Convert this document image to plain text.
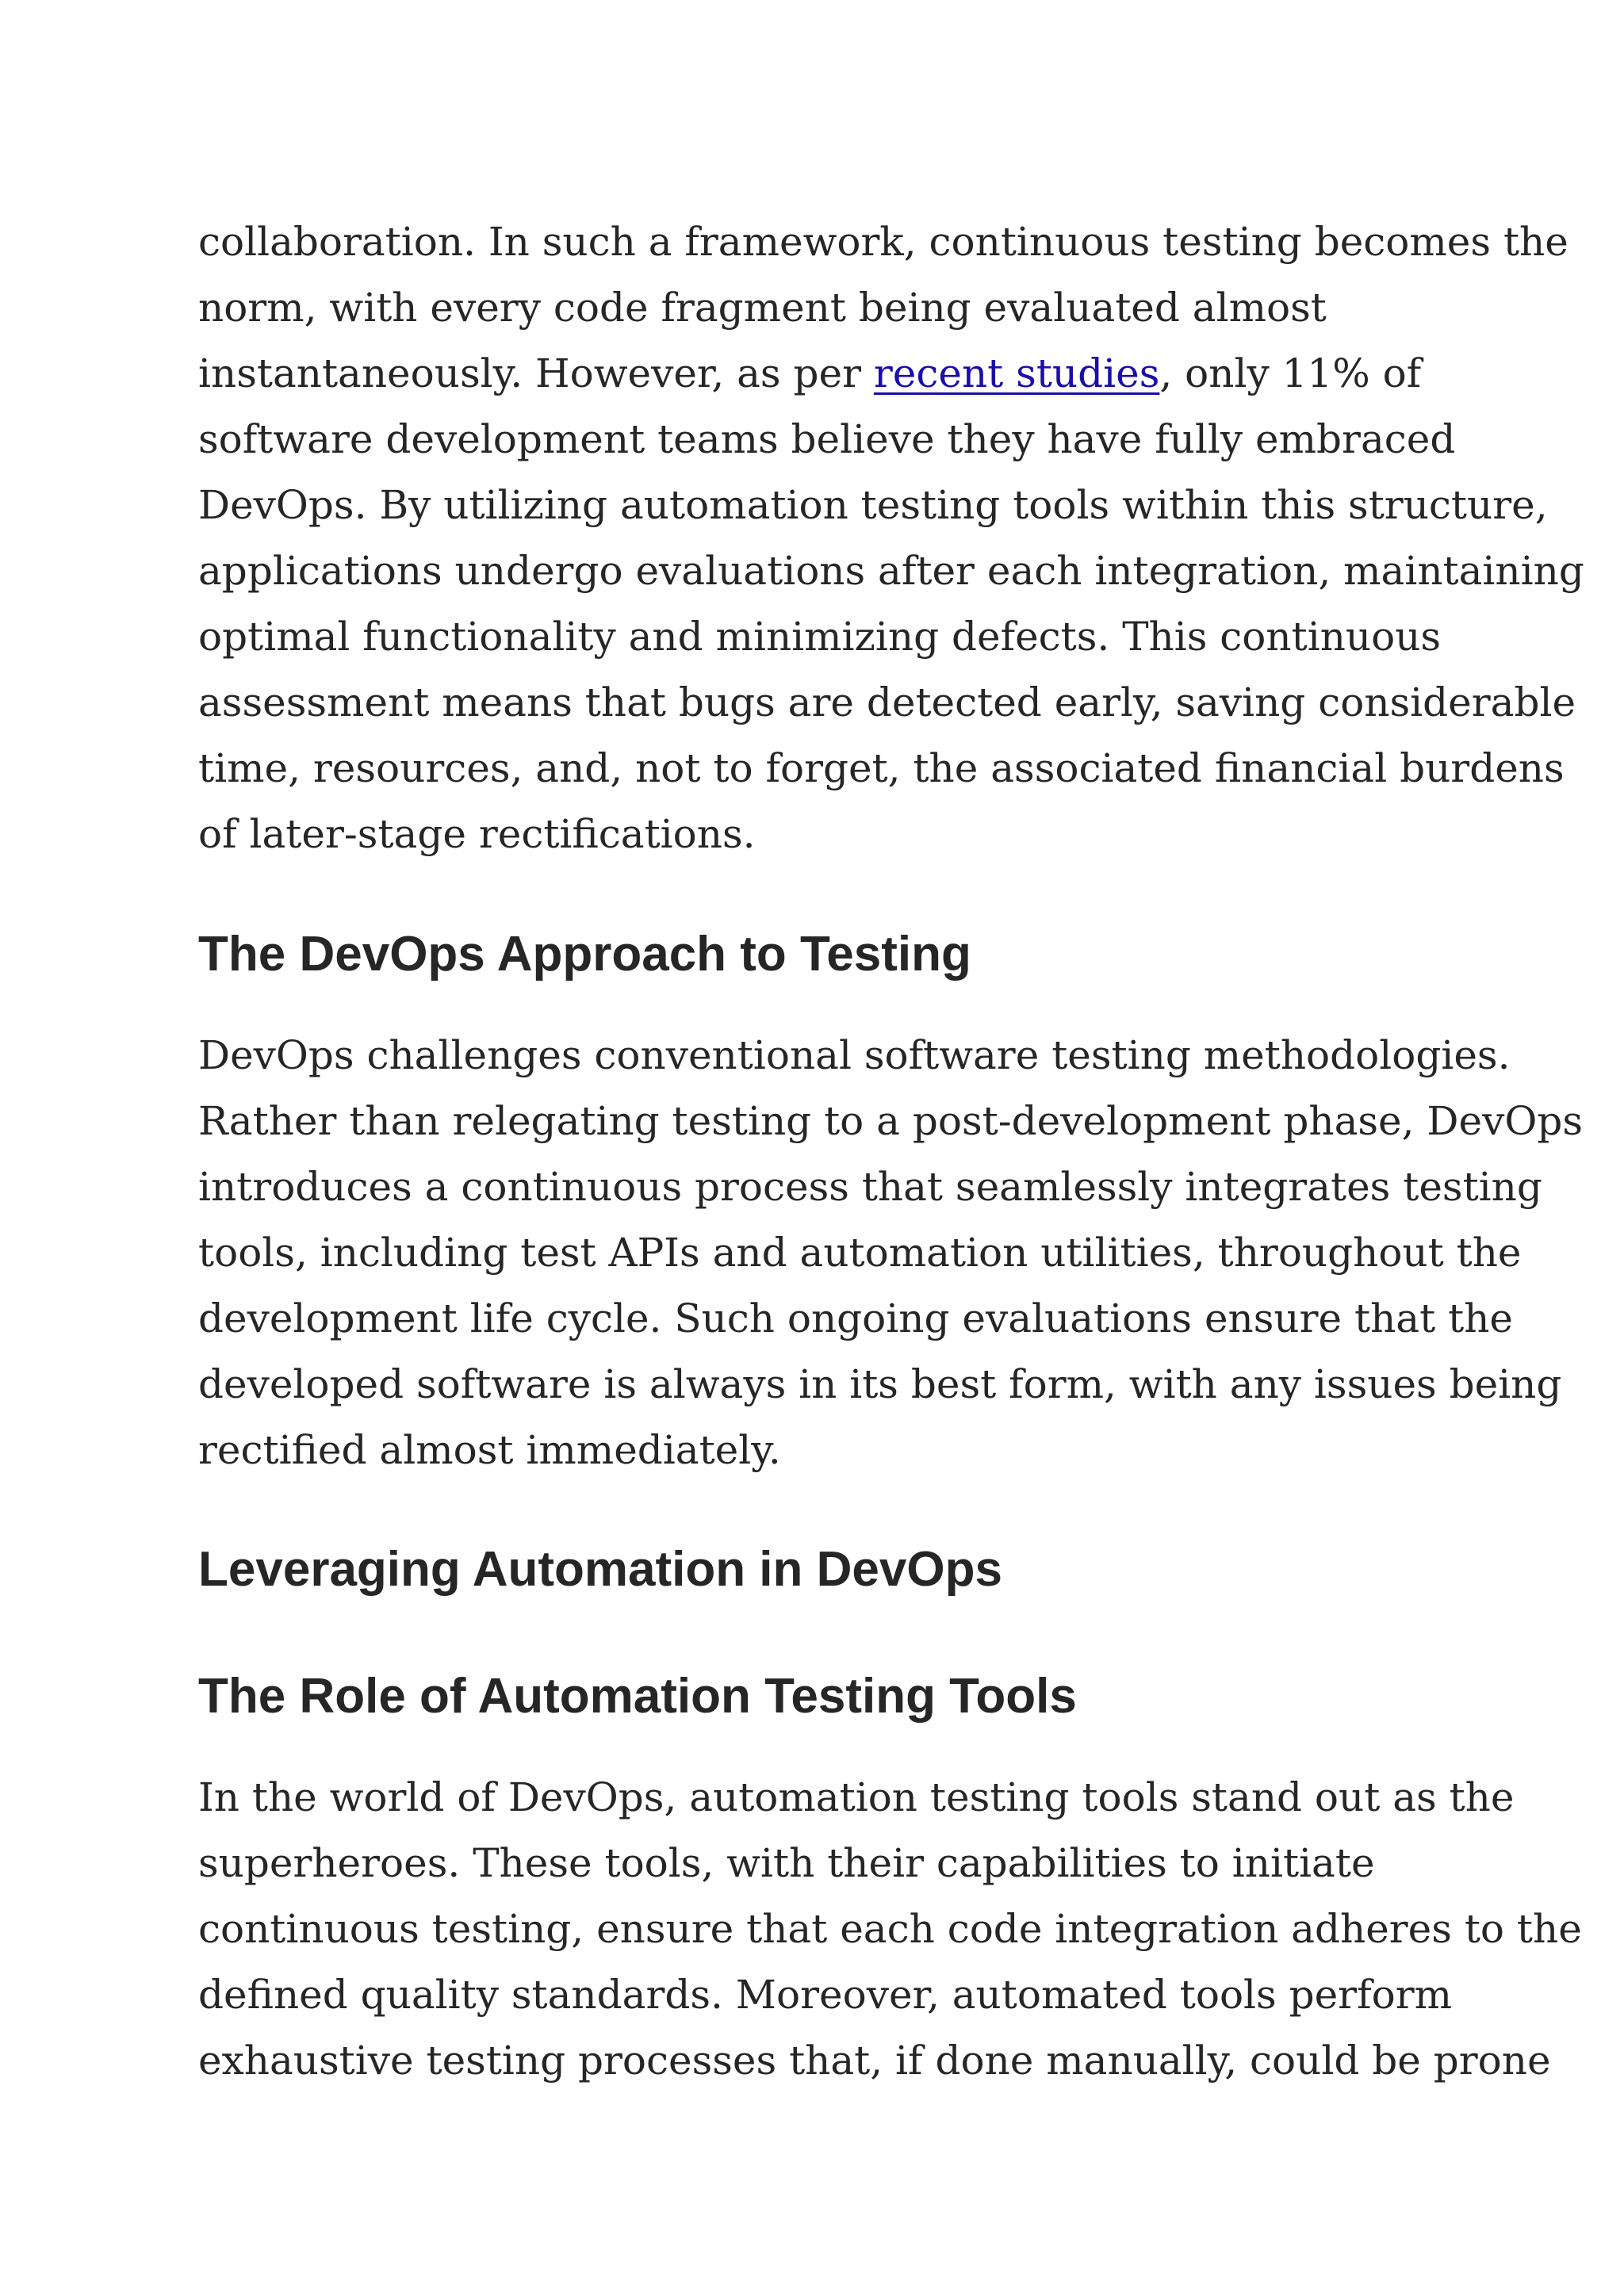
collaboration. In such a framework, continuous testing becomes the
norm, with every code fragment being evaluated almost
instantaneously. However, as per recent studies, only 11% of
software development teams believe they have fully embraced
DevOps. By utilizing automation testing tools within this structure,
applications undergo evaluations after each integration, maintaining
optimal functionality and minimizing defects. This continuous
assessment means that bugs are detected early, saving considerable
time, resources, and, not to forget, the associated financial burdens
of later-stage rectifications.

The DevOps Approach to Testing

DevOps challenges conventional software testing methodologies.
Rather than relegating testing to a post-development phase, DevOps
introduces a continuous process that seamlessly integrates testing
tools, including test APIs and automation utilities, throughout the
development life cycle. Such ongoing evaluations ensure that the
developed software is always in its best form, with any issues being
rectified almost immediately.

Leveraging Automation in DevOps
The Role of Automation Testing Tools

In the world of DevOps, automation testing tools stand out as the
superheroes. These tools, with their capabilities to initiate
continuous testing, ensure that each code integration adheres to the
defined quality standards. Moreover, automated tools perform
exhaustive testing processes that, if done manually, could be prone
